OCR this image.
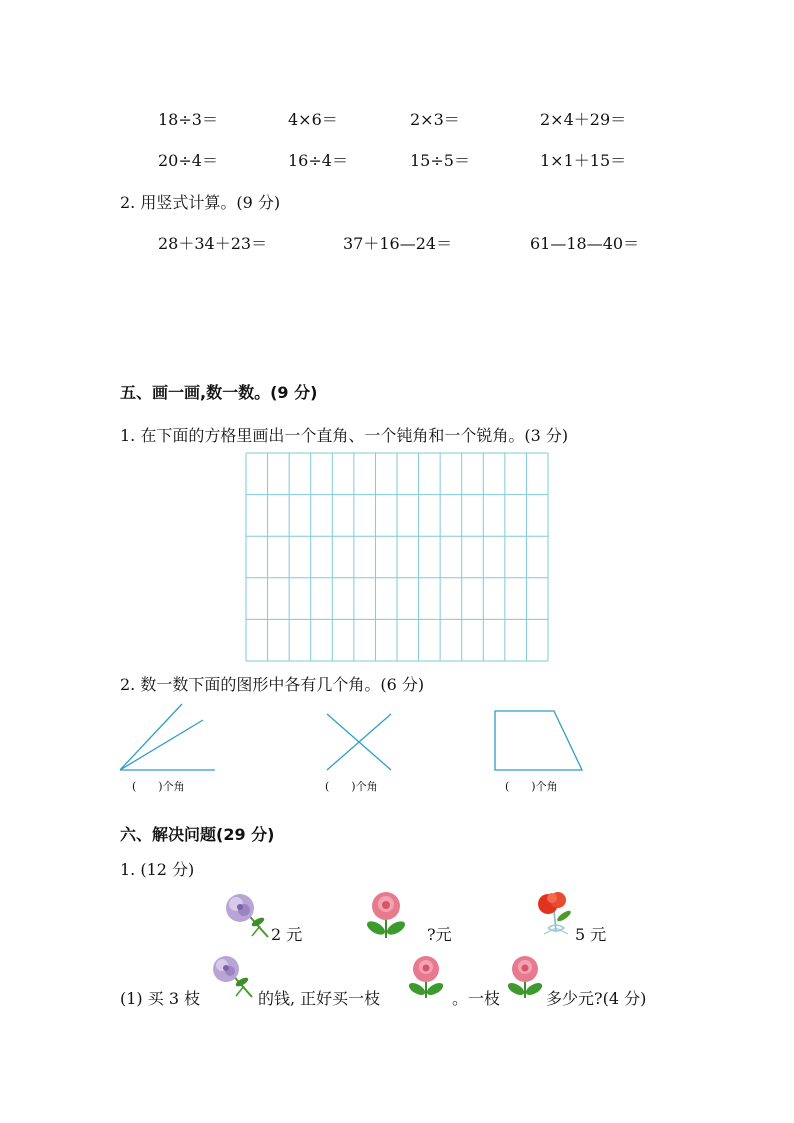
18÷3＝	4×6＝	2×3＝	2×4＋29＝
20÷4＝	16÷4＝	15÷5＝	1×1＋15＝
2. 用竖式计算。(9 分)
28＋34＋23＝	37＋16—24＝	61—18—40＝
五、画一画,数一数。(9 分)
1. 在下面的方格里画出一个直角、一个钝角和一个锐角。(3 分)
2. 数一数下面的图形中各有几个角。(6 分)
(　　)个角	(　　)个角	(　　)个角
六、解决问题(29 分)
1. (12 分)
2 元	?元	5 元
(1) 买 3 枝	的钱, 正好买一枝	。一枝	多少元?(4 分)
